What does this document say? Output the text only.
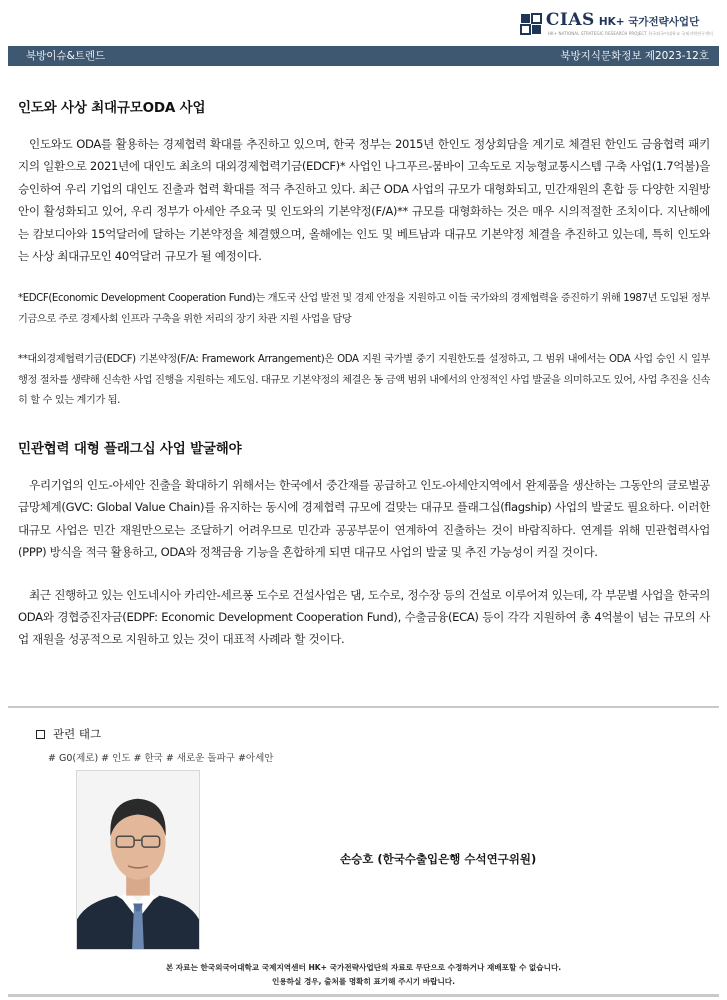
CIAS HK+ 국가전략사업단
HK+ NATIONAL STRATEGIC RESEARCH PROJECT 한국외국어대학교 국제지역연구센터
북방이슈&트렌드	북방지식문화정보 제2023-12호
인도와 사상 최대규모ODA 사업

인도와도 ODA를 활용하는 경제협력 확대를 추진하고 있으며, 한국 정부는 2015년 한인도 정상회담을 계기로 체결된 한인도 금융협력 패키지의 일환으로 2021년에 대인도 최초의 대외경제협력기금(EDCF)* 사업인 나그푸르-뭄바이 고속도로 지능형교통시스템 구축 사업(1.7억불)을 승인하여 우리 기업의 대인도 진출과 협력 확대를 적극 추진하고 있다. 최근 ODA 사업의 규모가 대형화되고, 민간재원의 혼합 등 다양한 지원방안이 활성화되고 있어, 우리 정부가 아세안 주요국 및 인도와의 기본약정(F/A)** 규모를 대형화하는 것은 매우 시의적절한 조치이다. 지난해에는 캄보디아와 15억달러에 달하는 기본약정을 체결했으며, 올해에는 인도 및 베트남과 대규모 기본약정 체결을 추진하고 있는데, 특히 인도와는 사상 최대규모인 40억달러 규모가 될 예정이다.

*EDCF(Economic Development Cooperation Fund)는 개도국 산업 발전 및 경제 안정을 지원하고 이들 국가와의 경제협력을 증진하기 위해 1987년 도입된 정부기금으로 주로 경제사회 인프라 구축을 위한 저리의 장기 차관 지원 사업을 담당

**대외경제협력기금(EDCF) 기본약정(F/A: Framework Arrangement)은 ODA 지원 국가별 중기 지원한도를 설정하고, 그 범위 내에서는 ODA 사업 승인 시 일부 행정 절차를 생략해 신속한 사업 진행을 지원하는 제도임. 대규모 기본약정의 체결은 동 금액 범위 내에서의 안정적인 사업 발굴을 의미하고도 있어, 사업 추진을 신속히 할 수 있는 계기가 됨.

민관협력 대형 플래그십 사업 발굴해야

우리기업의 인도-아세안 진출을 확대하기 위해서는 한국에서 중간재를 공급하고 인도-아세안지역에서 완제품을 생산하는 그동안의 글로벌공급망체계(GVC: Global Value Chain)를 유지하는 동시에 경제협력 규모에 걸맞는 대규모 플래그십(flagship) 사업의 발굴도 필요하다. 이러한 대규모 사업은 민간 재원만으로는 조달하기 어려우므로 민간과 공공부문이 연계하여 진출하는 것이 바람직하다. 연계를 위해 민관협력사업(PPP) 방식을 적극 활용하고, ODA와 정책금융 기능을 혼합하게 되면 대규모 사업의 발굴 및 추진 가능성이 커질 것이다.

최근 진행하고 있는 인도네시아 카리안-세르퐁 도수로 건설사업은 댐, 도수로, 정수장 등의 건설로 이루어져 있는데, 각 부문별 사업을 한국의 ODA와 경협증진자금(EDPF: Economic Development Cooperation Fund), 수출금융(ECA) 등이 각각 지원하여 총 4억불이 넘는 규모의 사업 재원을 성공적으로 지원하고 있는 것이 대표적 사례라 할 것이다.

관련 태그
# G0(제로) # 인도 # 한국 # 새로운 돌파구 #아세안
손승호 (한국수출입은행 수석연구위원)
본 자료는 한국외국어대학교 국제지역센터 HK+ 국가전략사업단의 자료로 무단으로 수정하거나 재배포할 수 없습니다.
인용하실 경우, 출처를 명확히 표기해 주시기 바랍니다.
